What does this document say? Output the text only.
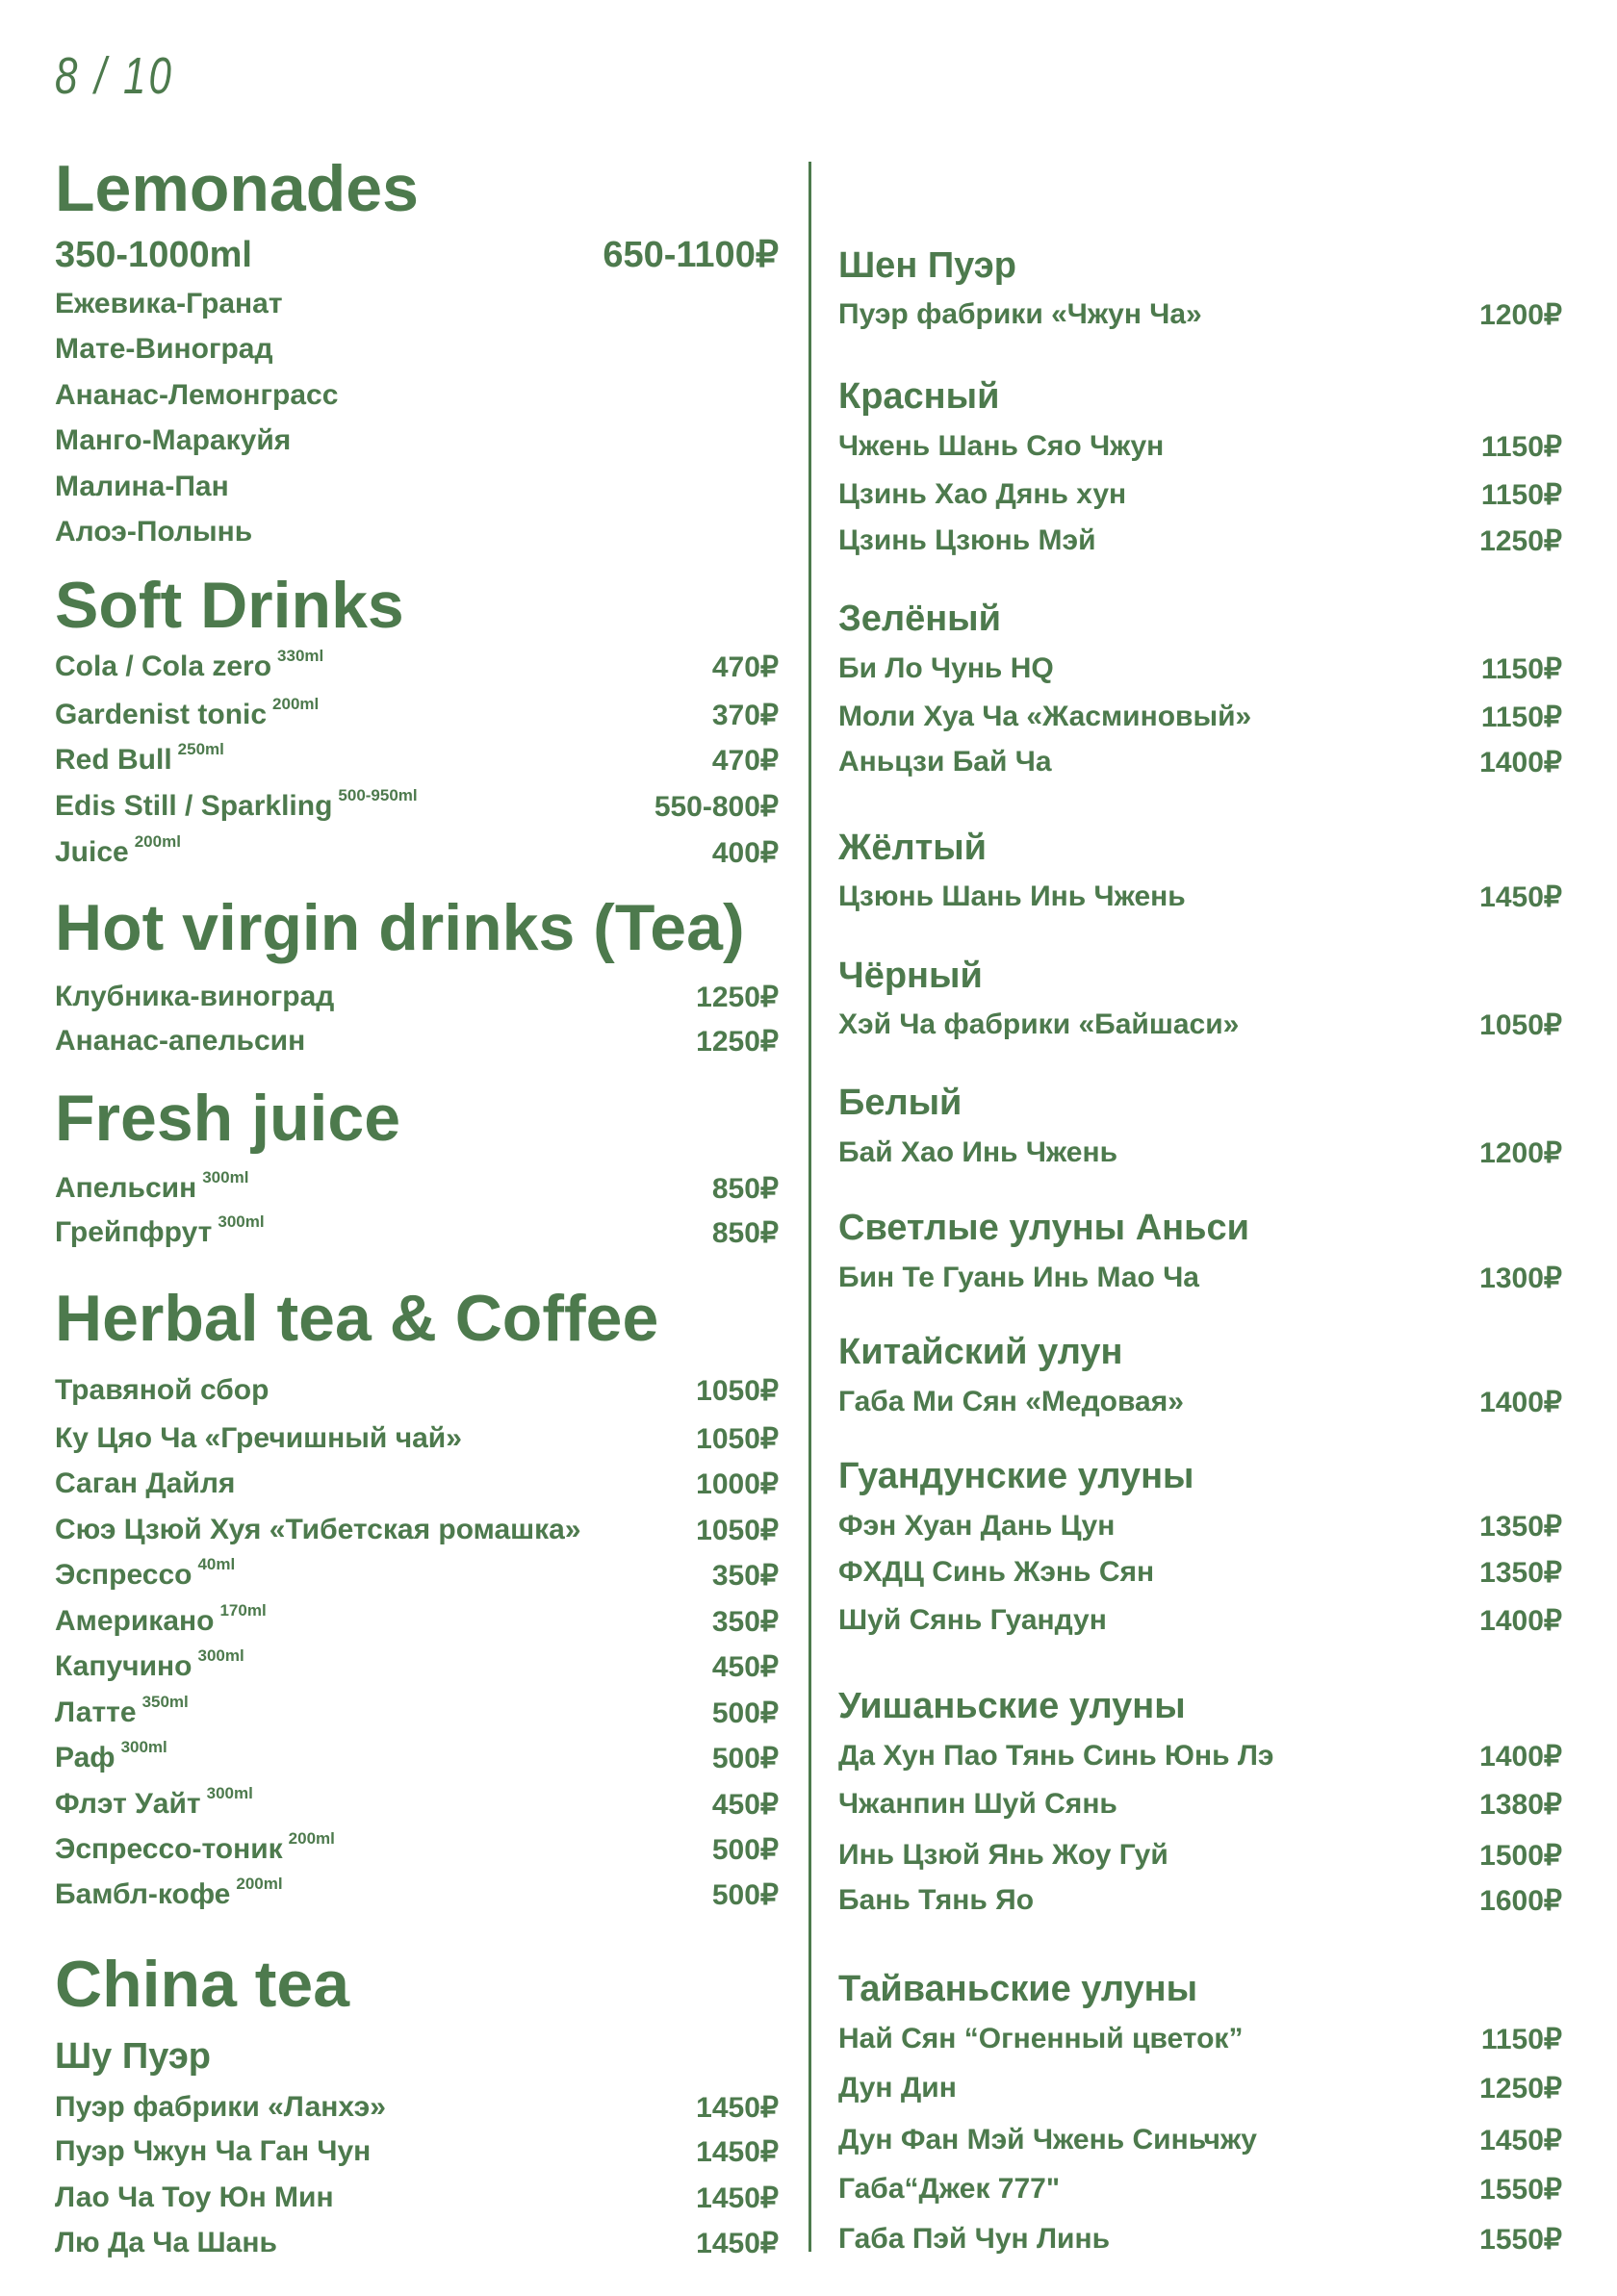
8 / 10
Lemonades
350-1000ml	650-1100₽
Ежевика-Гранат
Мате-Виноград
Ананас-Лемонграсс
Манго-Маракуйя
Малина-Пан
Алоэ-Полынь
Soft Drinks
Cola / Cola zero $^{330ml}$	470₽
Gardenist tonic $^{200ml}$	370₽
Red Bull $^{250ml}$	470₽
Edis Still / Sparkling $^{500-950ml}$	550-800₽
Juice $^{200ml}$	400₽
Hot virgin drinks (Tea)
Клубника-виноград	1250₽
Ананас-апельсин	1250₽
Fresh juice
Апельсин $^{300ml}$	850₽
Грейпфрут $^{300ml}$	850₽
Herbal tea & Coffee
Травяной сбор	1050₽
Ку Цяо Ча «Гречишный чай»	1050₽
Саган Дайля	1000₽
Сюэ Цзюй Хуя «Тибетская ромашка»	1050₽
Эспрессо $^{40ml}$	350₽
Американо $^{170ml}$	350₽
Капучино $^{300ml}$	450₽
Латте $^{350ml}$	500₽
Раф $^{300ml}$	500₽
Флэт Уайт $^{300ml}$	450₽
Эспрессо-тоник $^{200ml}$	500₽
Бамбл-кофе $^{200ml}$	500₽
China tea
Шу Пуэр
Пуэр фабрики «Ланхэ»	1450₽
Пуэр Чжун Ча Ган Чун	1450₽
Лао Ча Тоу Юн Мин	1450₽
Лю Да Ча Шань	1450₽
Шен Пуэр
Пуэр фабрики «Чжун Ча»	1200₽
Красный
Чжень Шань Сяо Чжун	1150₽
Цзинь Хао Дянь хун	1150₽
Цзинь Цзюнь Мэй	1250₽
Зелёный
Би Ло Чунь HQ	1150₽
Моли Хуа Ча «Жасминовый»	1150₽
Аньцзи Бай Ча	1400₽
Жёлтый
Цзюнь Шань Инь Чжень	1450₽
Чёрный
Хэй Ча фабрики «Байшаси»	1050₽
Белый
Бай Хао Инь Чжень	1200₽
Светлые улуны Аньси
Бин Те Гуань Инь Мао Ча	1300₽
Китайский улун
Габа Ми Сян «Медовая»	1400₽
Гуандунские улуны
Фэн Хуан Дань Цун	1350₽
ФХДЦ Синь Жэнь Сян	1350₽
Шуй Сянь Гуандун	1400₽
Уишаньские улуны
Да Хун Пао Тянь Синь Юнь Лэ	1400₽
Чжанпин Шуй Сянь	1380₽
Инь Цзюй Янь Жоу Гуй	1500₽
Бань Тянь Яо	1600₽
Тайваньские улуны
Най Сян “Огненный цветок”	1150₽
Дун Дин	1250₽
Дун Фан Мэй Чжень Синьчжу	1450₽
Габа“Джек 777"	1550₽
Габа Пэй Чун Линь	1550₽
